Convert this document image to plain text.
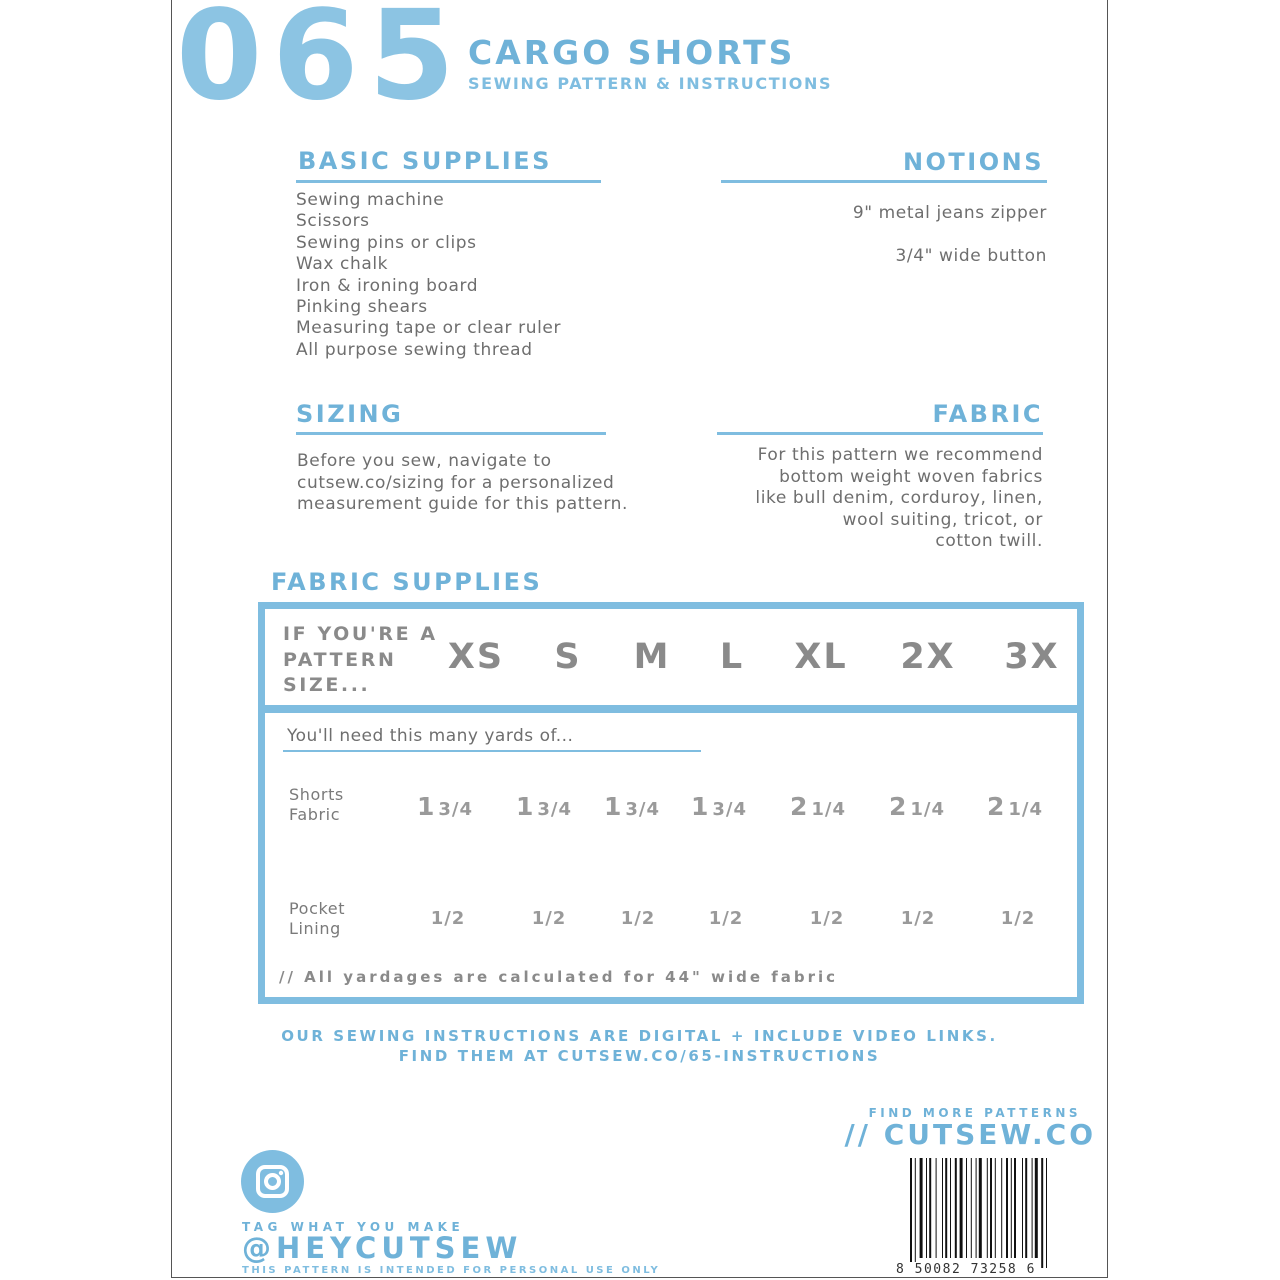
065 CARGO SHORTS
SEWING PATTERN & INSTRUCTIONS
BASIC SUPPLIES
Sewing machine
Scissors
Sewing pins or clips
Wax chalk
Iron & ironing board
Pinking shears
Measuring tape or clear ruler
All purpose sewing thread
NOTIONS
9" metal jeans zipper
3/4" wide button
SIZING
Before you sew, navigate to
cutsew.co/sizing for a personalized
measurement guide for this pattern.
FABRIC
For this pattern we recommend
bottom weight woven fabrics
like bull denim, corduroy, linen,
wool suiting, tricot, or
cotton twill.
FABRIC SUPPLIES
IF YOU'RE A
PATTERN
SIZE...
XS	S	M	L	XL	2X	3X
You'll need this many yards of...
Shorts
Fabric	1 3/4	1 3/4	1 3/4	1 3/4	2 1/4	2 1/4	2 1/4
Pocket
Lining	1/2	1/2	1/2	1/2	1/2	1/2	1/2
// All yardages are calculated for 44" wide fabric
OUR SEWING INSTRUCTIONS ARE DIGITAL + INCLUDE VIDEO LINKS.
FIND THEM AT CUTSEW.CO/65-INSTRUCTIONS
FIND MORE PATTERNS
// CUTSEW.CO
8 50082 73258 6
TAG WHAT YOU MAKE
@HEYCUTSEW
THIS PATTERN IS INTENDED FOR PERSONAL USE ONLY
